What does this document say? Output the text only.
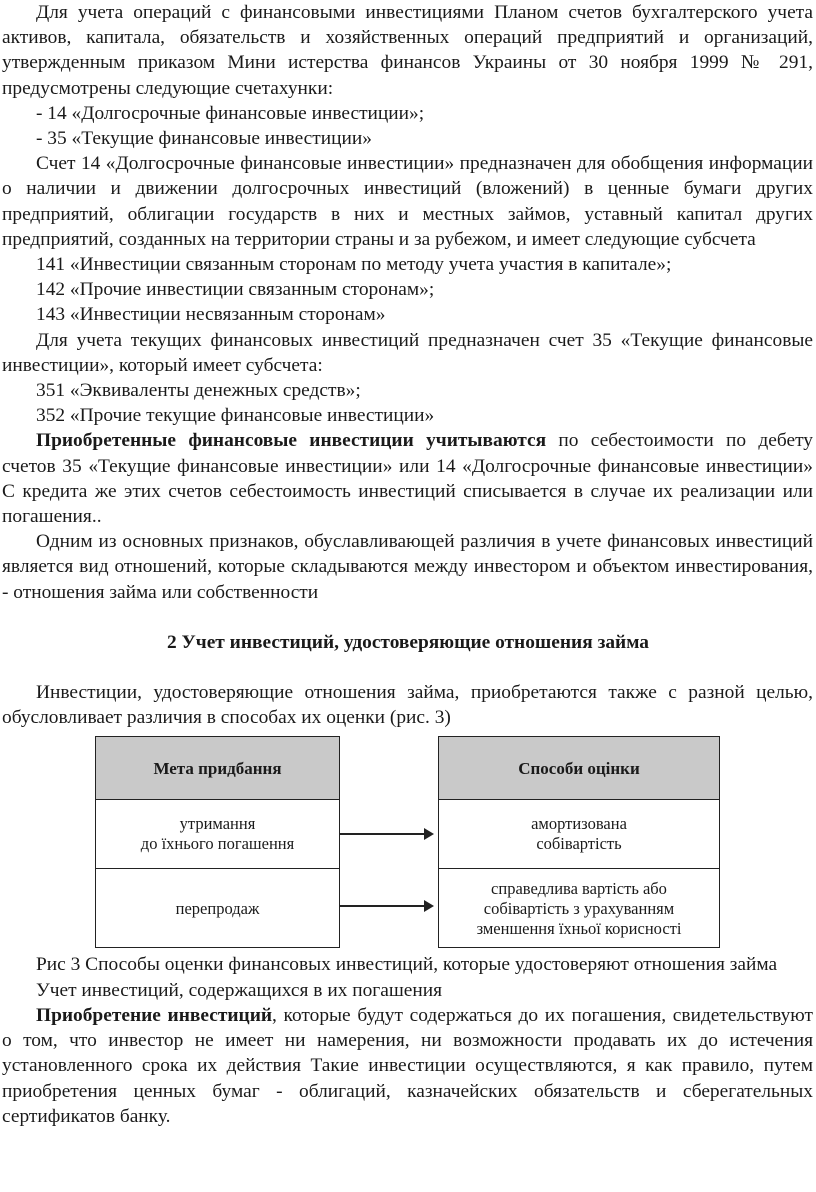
Для учета операций с финансовыми инвестициями Планом счетов бухгалтерского учета активов, капитала, обязательств и хозяйственных операций предприятий и организаций, утвержденным приказом Мини истерства финансов Украины от 30 ноября 1999 № 291, предусмотрены следующие счетахунки:

- 14 «Долгосрочные финансовые инвестиции»;

- 35 «Текущие финансовые инвестиции»

Счет 14 «Долгосрочные финансовые инвестиции» предназначен для обобщения информации о наличии и движении долгосрочных инвестиций (вложений) в ценные бумаги других предприятий, облигации государств в них и местных займов, уставный капитал других предприятий, созданных на территории страны и за рубежом, и имеет следующие субсчета

141 «Инвестиции связанным сторонам по методу учета участия в капитале»;

142 «Прочие инвестиции связанным сторонам»;

143 «Инвестиции несвязанным сторонам»

Для учета текущих финансовых инвестиций предназначен счет 35 «Текущие финансовые инвестиции», который имеет субсчета:

351 «Эквиваленты денежных средств»;

352 «Прочие текущие финансовые инвестиции»

Приобретенные финансовые инвестиции учитываются по себестоимости по дебету счетов 35 «Текущие финансовые инвестиции» или 14 «Долгосрочные финансовые инвестиции» С кредита же этих счетов себестоимость инвестиций списывается в случае их реализации или погашения..

Одним из основных признаков, обуславливающей различия в учете финансовых инвестиций является вид отношений, которые складываются между инвестором и объектом инвестирования, - отношения займа или собственности

2 Учет инвестиций, удостоверяющие отношения займа

Инвестиции, удостоверяющие отношения займа, приобретаются также с разной целью, обусловливает различия в способах их оценки (рис. 3)

Мета придбання
утримання
до їхнього погашення
перепродаж
Способи оцінки
амортизована
собівартість
справедлива вартість або
собівартість з урахуванням
зменшення їхньої корисності

Рис 3 Способы оценки финансовых инвестиций, которые удостоверяют отношения займа

Учет инвестиций, содержащихся в их погашения

Приобретение инвестиций, которые будут содержаться до их погашения, свидетельствуют о том, что инвестор не имеет ни намерения, ни возможности продавать их до истечения установленного срока их действия Такие инвестиции осуществляются, я как правило, путем приобретения ценных бумаг - облигаций, казначейских обязательств и сберегательных сертификатов банку.
